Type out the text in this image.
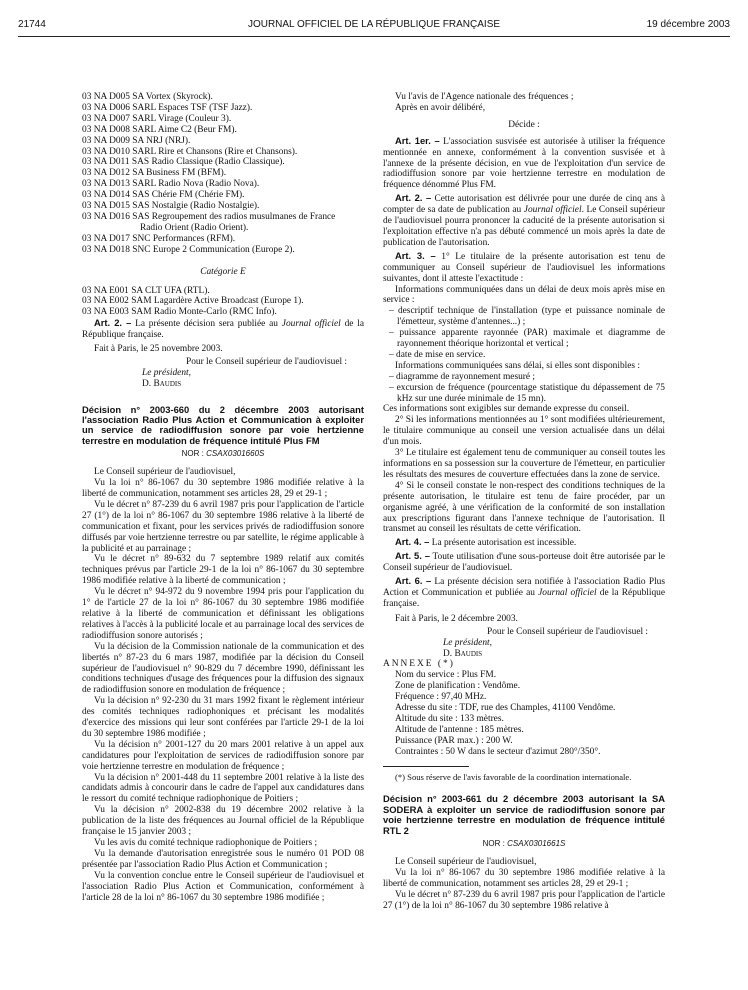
21744	JOURNAL OFFICIEL DE LA RÉPUBLIQUE FRANÇAISE	19 décembre 2003
03 NA D005 SA Vortex (Skyrock).
03 NA D006 SARL Espaces TSF (TSF Jazz).
03 NA D007 SARL Virage (Couleur 3).
03 NA D008 SARL Aime C2 (Beur FM).
03 NA D009 SA NRJ (NRJ).
03 NA D010 SARL Rire et Chansons (Rire et Chansons).
03 NA D011 SAS Radio Classique (Radio Classique).
03 NA D012 SA Business FM (BFM).
03 NA D013 SARL Radio Nova (Radio Nova).
03 NA D014 SAS Chérie FM (Chérie FM).
03 NA D015 SAS Nostalgie (Radio Nostalgie).
03 NA D016 SAS Regroupement des radios musulmanes de France
Radio Orient (Radio Orient).
03 NA D017 SNC Performances (RFM).
03 NA D018 SNC Europe 2 Communication (Europe 2).
Catégorie E
03 NA E001 SA CLT UFA (RTL).
03 NA E002 SAM Lagardère Active Broadcast (Europe 1).
03 NA E003 SAM Radio Monte-Carlo (RMC Info).

Art. 2. – La présente décision sera publiée au Journal officiel de la République française.

Fait à Paris, le 25 novembre 2003.

Pour le Conseil supérieur de l'audiovisuel :

Le président,

D. Baudis

Décision n° 2003-660 du 2 décembre 2003 autorisant l'association Radio Plus Action et Communication à exploiter un service de radiodiffusion sonore par voie hertzienne terrestre en modulation de fréquence intitulé Plus FM

NOR : CSAX0301660S

Le Conseil supérieur de l'audiovisuel,

Vu la loi n° 86-1067 du 30 septembre 1986 modifiée relative à la liberté de communication, notamment ses articles 28, 29 et 29-1 ;

Vu le décret n° 87-239 du 6 avril 1987 pris pour l'application de l'article 27 (1°) de la loi n° 86-1067 du 30 septembre 1986 relative à la liberté de communication et fixant, pour les services privés de radiodiffusion sonore diffusés par voie hertzienne terrestre ou par satellite, le régime applicable à la publicité et au parrainage ;

Vu le décret n° 89-632 du 7 septembre 1989 relatif aux comités techniques prévus par l'article 29-1 de la loi n° 86-1067 du 30 septembre 1986 modifiée relative à la liberté de communication ;

Vu le décret n° 94-972 du 9 novembre 1994 pris pour l'application du 1° de l'article 27 de la loi n° 86-1067 du 30 septembre 1986 modifiée relative à la liberté de communication et définissant les obligations relatives à l'accès à la publicité locale et au parrainage local des services de radiodiffusion sonore autorisés ;

Vu la décision de la Commission nationale de la communication et des libertés n° 87-23 du 6 mars 1987, modifiée par la décision du Conseil supérieur de l'audiovisuel n° 90-829 du 7 décembre 1990, définissant les conditions techniques d'usage des fréquences pour la diffusion des signaux de radiodiffusion sonore en modulation de fréquence ;

Vu la décision n° 92-230 du 31 mars 1992 fixant le règlement intérieur des comités techniques radiophoniques et précisant les modalités d'exercice des missions qui leur sont conférées par l'article 29-1 de la loi du 30 septembre 1986 modifiée ;

Vu la décision n° 2001-127 du 20 mars 2001 relative à un appel aux candidatures pour l'exploitation de services de radiodiffusion sonore par voie hertzienne terrestre en modulation de fréquence ;

Vu la décision n° 2001-448 du 11 septembre 2001 relative à la liste des candidats admis à concourir dans le cadre de l'appel aux candidatures dans le ressort du comité technique radiophonique de Poitiers ;

Vu la décision n° 2002-838 du 19 décembre 2002 relative à la publication de la liste des fréquences au Journal officiel de la République française le 15 janvier 2003 ;

Vu les avis du comité technique radiophonique de Poitiers ;

Vu la demande d'autorisation enregistrée sous le numéro 01 POD 08 présentée par l'association Radio Plus Action et Communication ;

Vu la convention conclue entre le Conseil supérieur de l'audiovisuel et l'association Radio Plus Action et Communication, conformément à l'article 28 de la loi n° 86-1067 du 30 septembre 1986 modifiée ;

Vu l'avis de l'Agence nationale des fréquences ;

Après en avoir délibéré,

Décide :

Art. 1er. – L'association susvisée est autorisée à utiliser la fréquence mentionnée en annexe, conformément à la convention susvisée et à l'annexe de la présente décision, en vue de l'exploitation d'un service de radiodiffusion sonore par voie hertzienne terrestre en modulation de fréquence dénommé Plus FM.

Art. 2. – Cette autorisation est délivrée pour une durée de cinq ans à compter de sa date de publication au Journal officiel. Le Conseil supérieur de l'audiovisuel pourra prononcer la caducité de la présente autorisation si l'exploitation effective n'a pas débuté commencé un mois après la date de publication de l'autorisation.

Art. 3. – 1° Le titulaire de la présente autorisation est tenu de communiquer au Conseil supérieur de l'audiovisuel les informations suivantes, dont il atteste l'exactitude :

Informations communiquées dans un délai de deux mois après mise en service :

– descriptif technique de l'installation (type et puissance nominale de l'émetteur, système d'antennes...) ;

– puissance apparente rayonnée (PAR) maximale et diagramme de rayonnement théorique horizontal et vertical ;

– date de mise en service.

Informations communiquées sans délai, si elles sont disponibles :

– diagramme de rayonnement mesuré ;

– excursion de fréquence (pourcentage statistique du dépassement de 75 kHz sur une durée minimale de 15 mn).

Ces informations sont exigibles sur demande expresse du conseil.

2° Si les informations mentionnées au 1° sont modifiées ultérieurement, le titulaire communique au conseil une version actualisée dans un délai d'un mois.

3° Le titulaire est également tenu de communiquer au conseil toutes les informations en sa possession sur la couverture de l'émetteur, en particulier les résultats des mesures de couverture effectuées dans la zone de service.

4° Si le conseil constate le non-respect des conditions techniques de la présente autorisation, le titulaire est tenu de faire procéder, par un organisme agréé, à une vérification de la conformité de son installation aux prescriptions figurant dans l'annexe technique de l'autorisation. Il transmet au conseil les résultats de cette vérification.

Art. 4. – La présente autorisation est incessible.

Art. 5. – Toute utilisation d'une sous-porteuse doit être autorisée par le Conseil supérieur de l'audiovisuel.

Art. 6. – La présente décision sera notifiée à l'association Radio Plus Action et Communication et publiée au Journal officiel de la République française.

Fait à Paris, le 2 décembre 2003.

Pour le Conseil supérieur de l'audiovisuel :

Le président,

D. Baudis

ANNEXE (*)

Nom du service : Plus FM.

Zone de planification : Vendôme.

Fréquence : 97,40 MHz.

Adresse du site : TDF, rue des Champles, 41100 Vendôme.

Altitude du site : 133 mètres.

Altitude de l'antenne : 185 mètres.

Puissance (PAR max.) : 200 W.

Contraintes : 50 W dans le secteur d'azimut 280°/350°.

(*) Sous réserve de l'avis favorable de la coordination internationale.

Décision n° 2003-661 du 2 décembre 2003 autorisant la SA SODERA à exploiter un service de radiodiffusion sonore par voie hertzienne terrestre en modulation de fréquence intitulé RTL 2

NOR : CSAX0301661S

Le Conseil supérieur de l'audiovisuel,

Vu la loi n° 86-1067 du 30 septembre 1986 modifiée relative à la liberté de communication, notamment ses articles 28, 29 et 29-1 ;

Vu le décret n° 87-239 du 6 avril 1987 pris pour l'application de l'article 27 (1°) de la loi n° 86-1067 du 30 septembre 1986 relative à
